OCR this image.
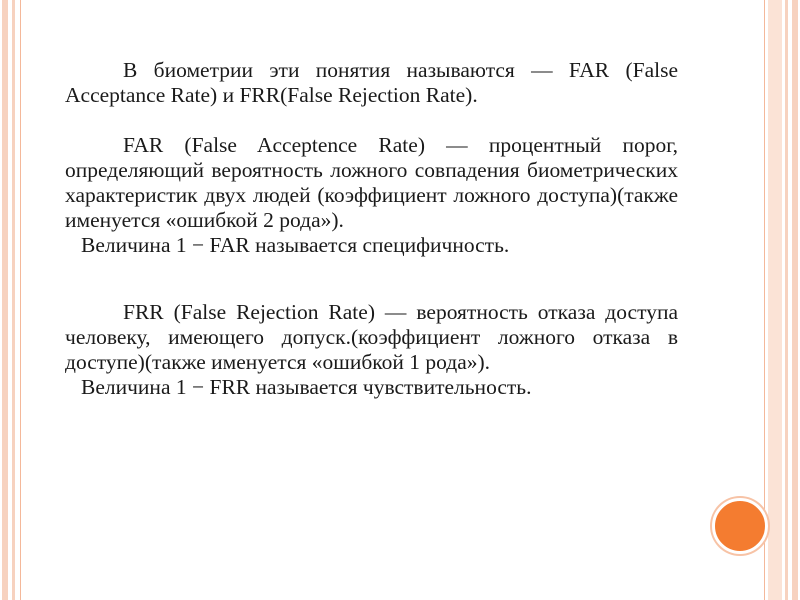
В биометрии эти понятия называются — FAR (False Acceptance Rate) и FRR(False Rejection Rate).

FAR (False Acceptence Rate) — процентный порог, определяющий вероятность ложного совпадения биометрических характеристик двух людей (коэффициент ложного доступа)(также именуется «ошибкой 2 рода»).

Величина 1 − FAR называется специфичность.

FRR (False Rejection Rate) — вероятность отказа доступа человеку, имеющего допуск.(коэффициент ложного отказа в доступе)(также именуется «ошибкой 1 рода»).

Величина 1 − FRR называется чувствительность.
